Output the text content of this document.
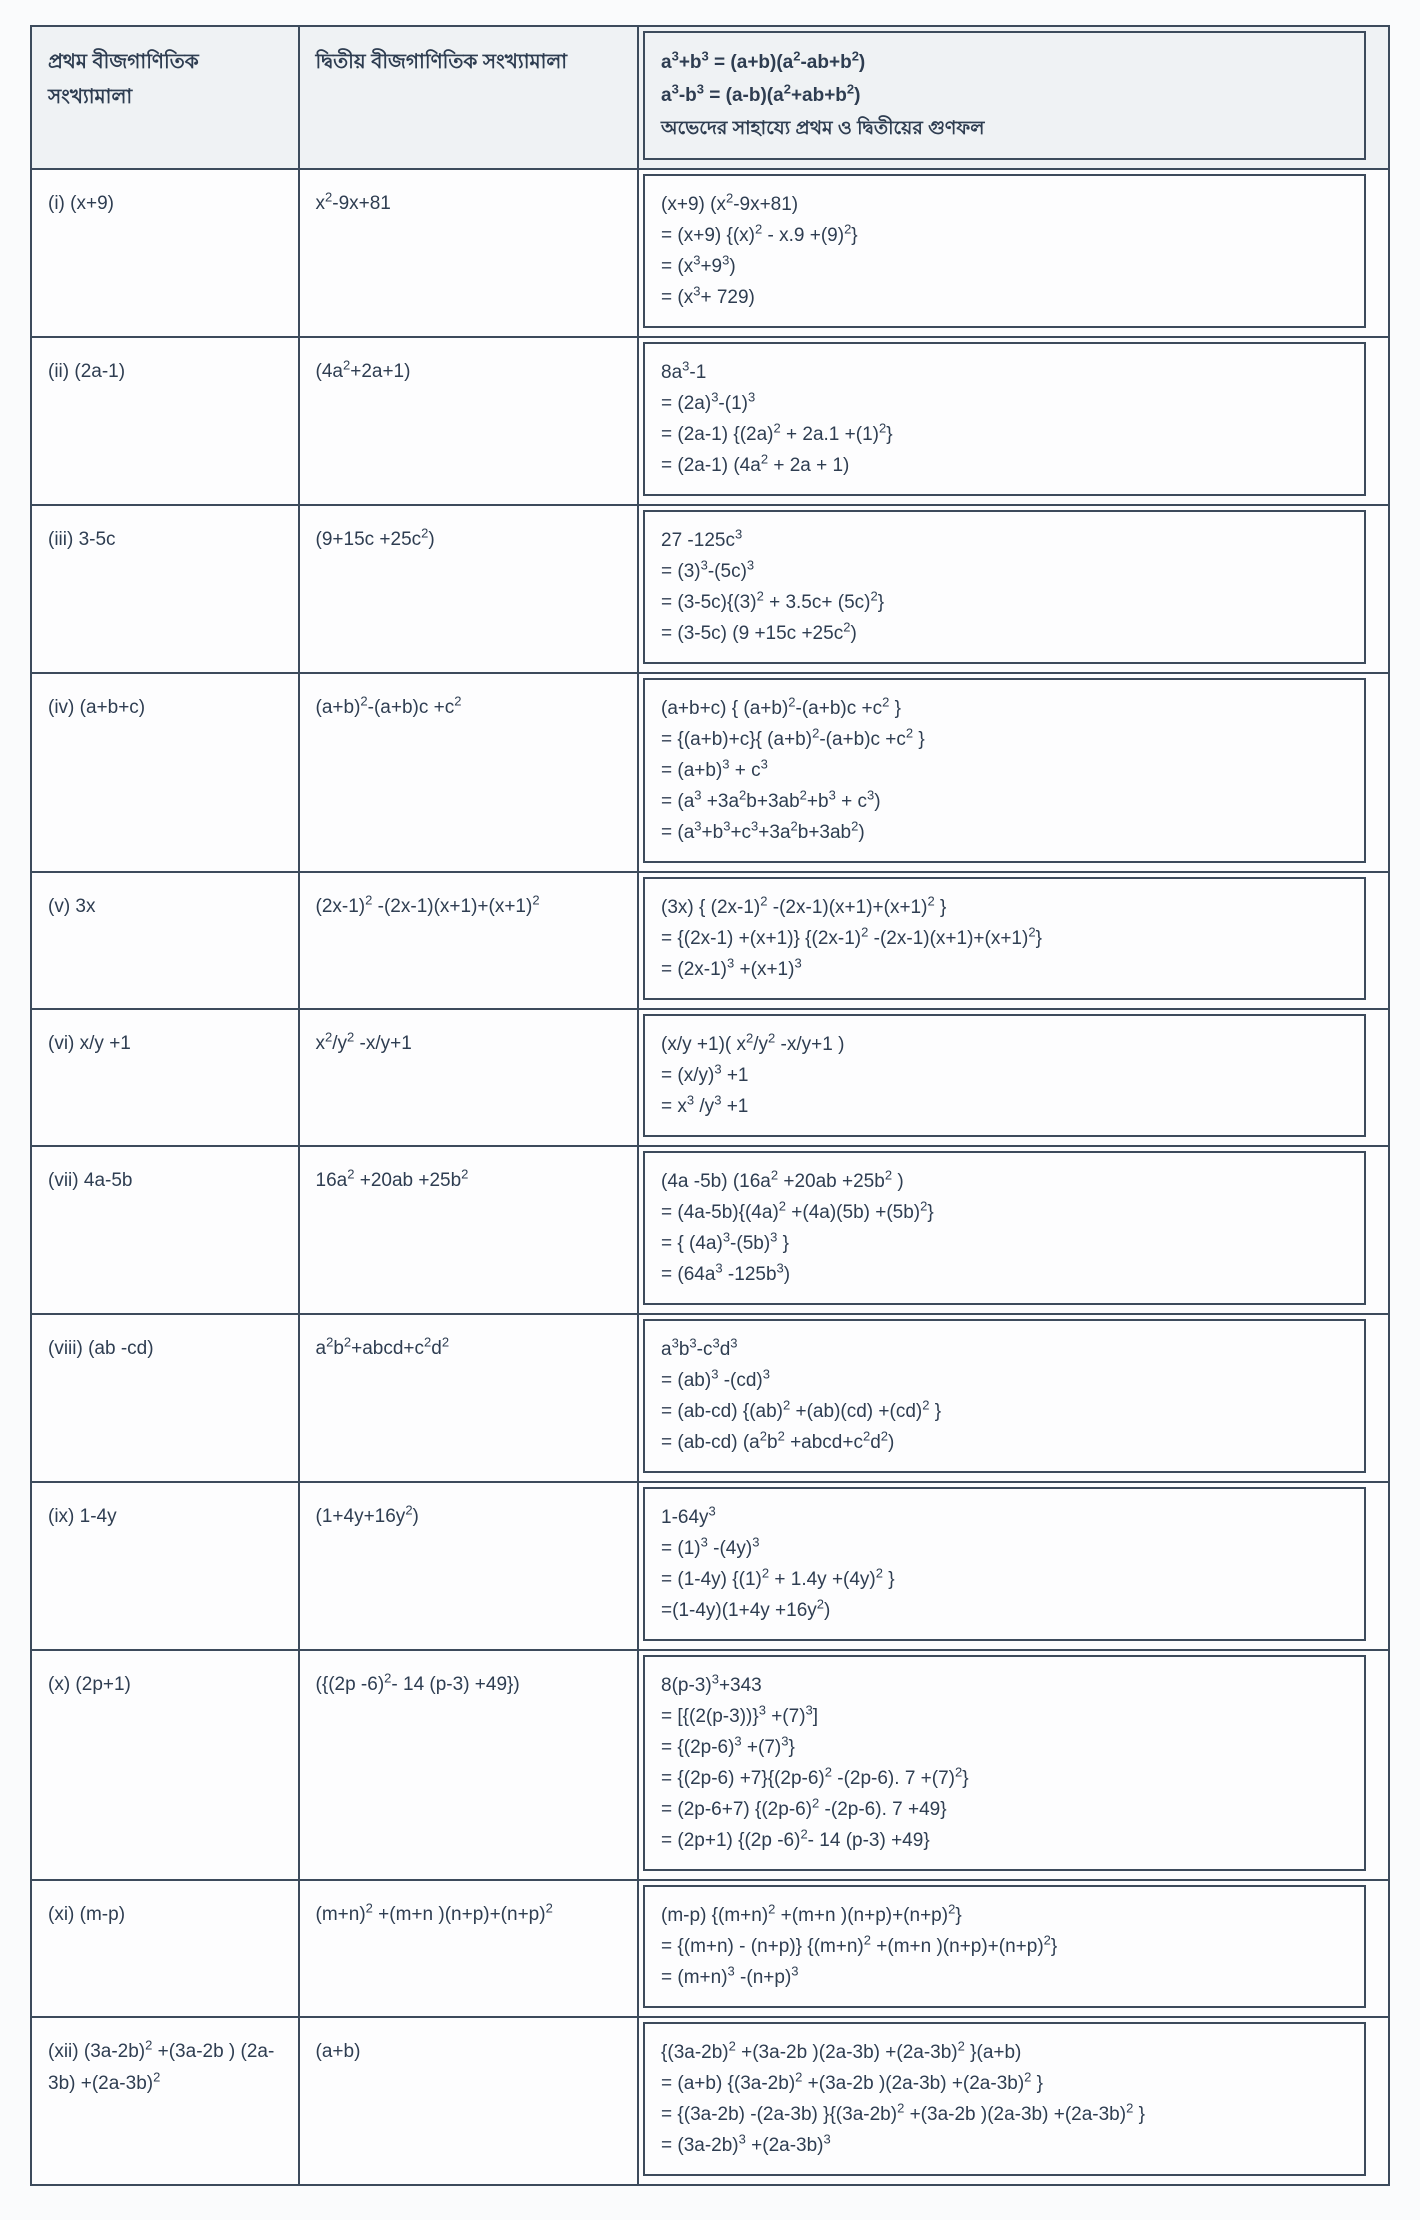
প্রথম বীজগাণিতিক সংখ্যামালা	দ্বিতীয় বীজগাণিতিক সংখ্যামালা	$a^3+b^3 = (a+b)(a^2-ab+b^2)$
$a^3-b^3 = (a-b)(a^2+ab+b^2)$
অভেদের সাহায্যে প্রথম ও দ্বিতীয়ের গুণফল

(i) (x+9)	$x^2-9x+81$	(x+9) $(x^2-9x+81)$
= (x+9) $\{(x)^2 - x.9 +(9)^2\}$
= $(x^3+9^3)$
= $(x^3+ 729)$

(ii) (2a-1)	$(4a^2+2a+1)$	$8a^3-1$
= $(2a)^3-(1)^3$
= (2a-1) $\{(2a)^2 + 2a.1 +(1)^2\}$
= (2a-1) $(4a^2 + 2a + 1)$

(iii) 3-5c	$(9+15c +25c^2)$	27 $-125c^3$
= $(3)^3-(5c)^3$
= $(3-5c)\{(3)^2 + 3.5c+ (5c)^2\}$
= (3-5c) $(9 +15c +25c^2)$

(iv) (a+b+c)	$(a+b)^2-(a+b)c +c^2$	(a+b+c) { $(a+b)^2-(a+b)c +c^2$ }
= {(a+b)+c}{ $(a+b)^2-(a+b)c +c^2$ }
= $(a+b)^3 + c^3$
= $(a^3 +3a^2b+3ab^2+b^3 + c^3)$
= $(a^3+b^3+c^3+3a^2b+3ab^2)$

(v) 3x	$(2x-1)^2$ $-(2x-1)(x+1)+(x+1)^2$	(3x) { $(2x-1)^2$ $-(2x-1)(x+1)+(x+1)^2$ }
= {(2x-1) +(x+1)} {$(2x-1)^2$ $-(2x-1)(x+1)+(x+1)^2$}
= $(2x-1)^3 +(x+1)^3$

(vi) x/y +1	$x^2/y^2$ -x/y+1	(x/y +1)( $x^2/y^2$ -x/y+1 )
= $(x/y)^3 +1$
= $x^3$ $/y^3 +1$

(vii) 4a-5b	$16a^2 +20ab +25b^2$	(4a -5b) ($16a^2 +20ab +25b^2$ )
= $(4a-5b)\{(4a)^2 +(4a)(5b) +(5b)^2\}$
= { $(4a)^3-(5b)^3$ }
= ($64a^3$ $-125b^3$)

(viii) (ab -cd)	$a^2b^2+abcd+c^2d^2$	$a^3b^3-c^3d^3$
= (ab)$^3$ -(cd)$^3$
= (ab-cd) {(ab)$^2$ +(ab)(cd) +(cd)$^2$ }
= (ab-cd) ($a^2b^2$ $+abcd+c^2d^2$)

(ix) 1-4y	$(1+4y+16y^2)$	$1-64y^3$
= $(1)^3$ $-(4y)^3$
= (1-4y) {$(1)^2 + 1.4y +(4y)^2$ }
$=(1-4y)(1+4y +16y^2)$

(x) (2p+1)	({(2p -6)$^2$- 14 (p-3) +49})	$8(p-3)^3+343$
= $[\{(2(p-3))\}^3 +(7)^3]$
= $\{(2p-6)^3 +(7)^3\}$
= $\{(2p-6) +7\}\{(2p-6)^2$ -(2p-6). $7 +(7)^2$}
= (2p-6+7) {$(2p-6)^2$ -(2p-6). 7 +49}
= (2p+1) {(2p -6)$^2$- 14 (p-3) +49}

(xi) (m-p)	$(m+n)^2 +(m+n$ )$(n+p)+(n+p)^2$	(m-p) {$(m+n)^2 +(m+n$ )$(n+p)+(n+p)^2$}
= {(m+n) - (n+p)} {$(m+n)^2 +(m+n$ )$(n+p)+(n+p)^2$}
= $(m+n)^3$ $-(n+p)^3$

(xii) $(3a-2b)^2 +(3a-2b$ ) $(2a-3b) +(2a-3b)^2$	(a+b)	{$(3a-2b)^2 +(3a-2b$ )$(2a-3b) +(2a-3b)^2$ }(a+b)
= (a+b) {$(3a-2b)^2 +(3a-2b$ )$(2a-3b) +(2a-3b)^2$ }
= {(3a-2b) -(2a-3b) }{$(3a-2b)^2 +(3a-2b$ )$(2a-3b) +(2a-3b)^2$ }
= $(3a-2b)^3 +(2a-3b)^3$
